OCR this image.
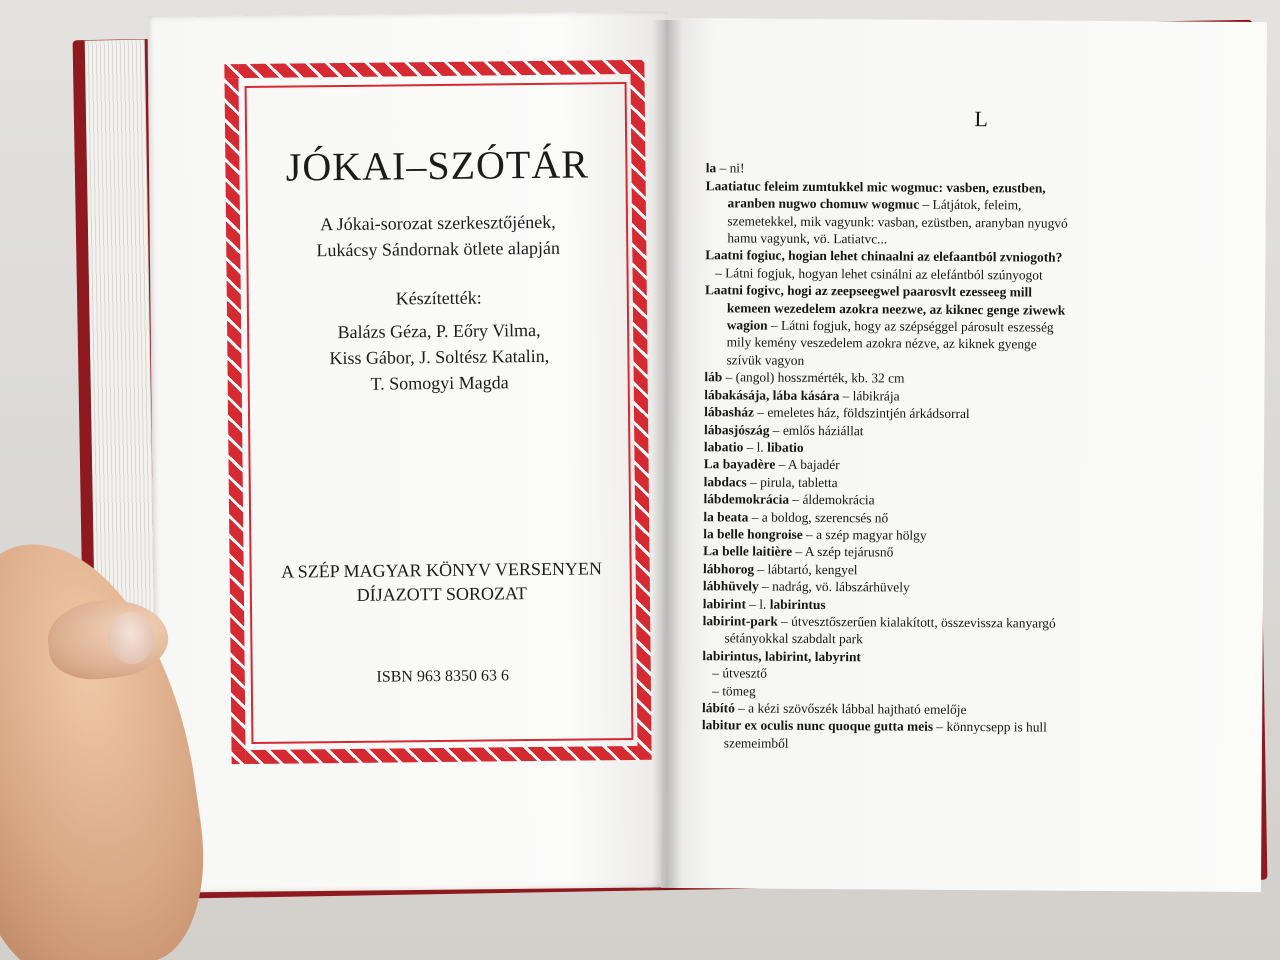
JÓKAI–SZÓTÁR
A Jókai-sorozat szerkesztőjének,
Lukácsy Sándornak ötlete alapján
Készítették:
Balázs Géza, P. Eőry Vilma,
Kiss Gábor, J. Soltész Katalin,
T. Somogyi Magda
A SZÉP MAGYAR KÖNYV VERSENYEN
DÍJAZOTT SOROZAT
ISBN 963 8350 63 6
L
la – ni!
Laatiatuc feleim zumtukkel mic wogmuc: vasben, ezustben,
aranben nugwo chomuw wogmuc – Látjátok, feleim,
szemetekkel, mik vagyunk: vasban, ezüstben, aranyban nyugvó
hamu vagyunk, vö. Latiatvc...
Laatni fogiuc, hogian lehet chinaalni az elefaantból zvniogoth?
– Látni fogjuk, hogyan lehet csinálni az elefántból szúnyogot
Laatni fogivc, hogi az zeepseegwel paarosvlt ezesseeg mill
kemeen wezedelem azokra neezwe, az kiknec genge ziwewk
wagion – Látni fogjuk, hogy az szépséggel párosult eszesség
mily kemény veszedelem azokra nézve, az kiknek gyenge
szívük vagyon
láb – (angol) hosszmérték, kb. 32 cm
lábakásája, lába kására – lábikrája
lábasház – emeletes ház, földszintjén árkádsorral
lábasjószág – emlős háziállat
labatio – l. libatio
La bayadère – A bajadér
labdacs – pirula, tabletta
lábdemokrácia – áldemokrácia
la beata – a boldog, szerencsés nő
la belle hongroise – a szép magyar hölgy
La belle laitière – A szép tejárusnő
lábhorog – lábtartó, kengyel
lábhüvely – nadrág, vö. lábszárhüvely
labirint – l. labirintus
labirint-park – útvesztőszerűen kialakított, összevissza kanyargó
sétányokkal szabdalt park
labirintus, labirint, labyrint
– útvesztő
– tömeg
lábító – a kézi szövőszék lábbal hajtható emelője
labitur ex oculis nunc quoque gutta meis – könnycsepp is hull
szemeimből
